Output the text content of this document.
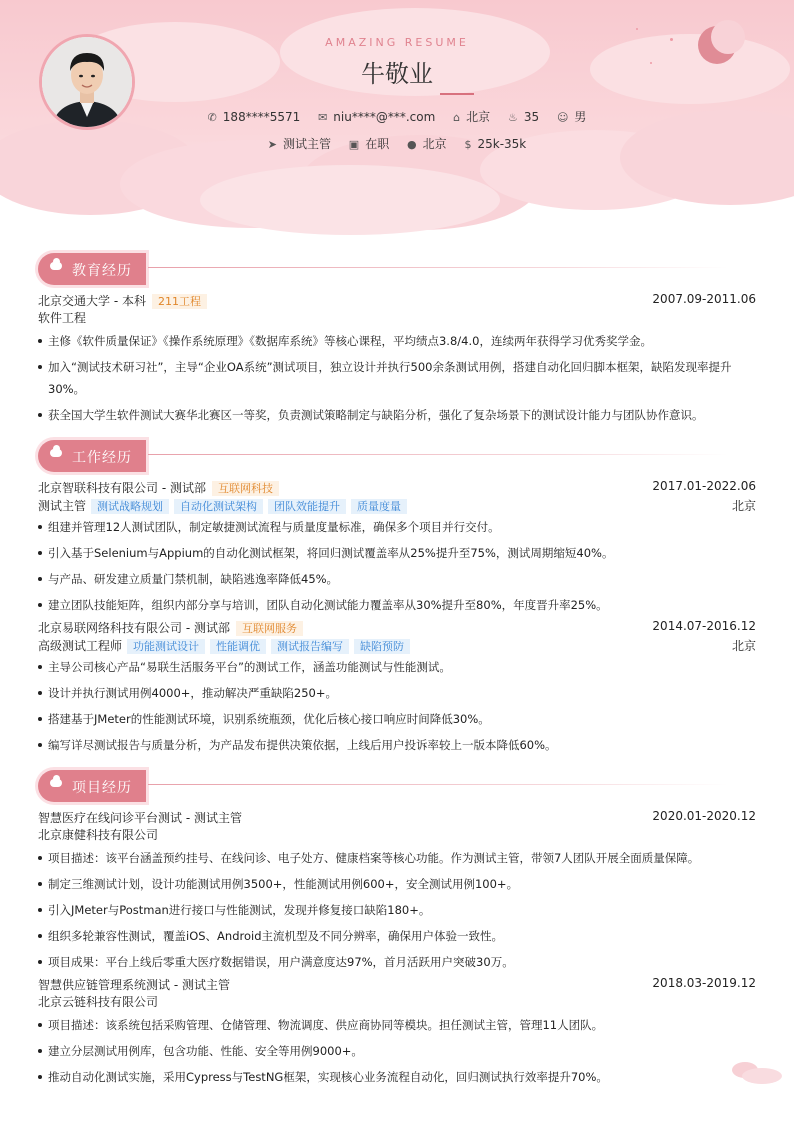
AMAZING RESUME
牛敬业
✆ 188****5571 ✉ niu****@***.com ⌂ 北京 ♨ 35 ☺ 男
➤ 测试主管 ▣ 在职 ● 北京 $ 25k-35k
教育经历
北京交通大学 - 本科 211工程	2007.09-2011.06
软件工程
主修《软件质量保证》《操作系统原理》《数据库系统》等核心课程，平均绩点3.8/4.0，连续两年获得学习优秀奖学金。
加入“测试技术研习社”，主导“企业OA系统”测试项目，独立设计并执行500余条测试用例，搭建自动化回归脚本框架，缺陷发现率提升30%。
获全国大学生软件测试大赛华北赛区一等奖，负责测试策略制定与缺陷分析，强化了复杂场景下的测试设计能力与团队协作意识。
工作经历
北京智联科技有限公司 - 测试部 互联网科技	2017.01-2022.06
测试主管 测试战略规划 自动化测试架构 团队效能提升 质量度量	北京
组建并管理12人测试团队，制定敏捷测试流程与质量度量标准，确保多个项目并行交付。
引入基于Selenium与Appium的自动化测试框架，将回归测试覆盖率从25%提升至75%，测试周期缩短40%。
与产品、研发建立质量门禁机制，缺陷逃逸率降低45%。
建立团队技能矩阵，组织内部分享与培训，团队自动化测试能力覆盖率从30%提升至80%，年度晋升率25%。
北京易联网络科技有限公司 - 测试部 互联网服务	2014.07-2016.12
高级测试工程师 功能测试设计 性能调优 测试报告编写 缺陷预防	北京
主导公司核心产品“易联生活服务平台”的测试工作，涵盖功能测试与性能测试。
设计并执行测试用例4000+，推动解决严重缺陷250+。
搭建基于JMeter的性能测试环境，识别系统瓶颈，优化后核心接口响应时间降低30%。
编写详尽测试报告与质量分析，为产品发布提供决策依据，上线后用户投诉率较上一版本降低60%。
项目经历
智慧医疗在线问诊平台测试 - 测试主管	2020.01-2020.12
北京康健科技有限公司
项目描述：该平台涵盖预约挂号、在线问诊、电子处方、健康档案等核心功能。作为测试主管，带领7人团队开展全面质量保障。
制定三维测试计划，设计功能测试用例3500+，性能测试用例600+，安全测试用例100+。
引入JMeter与Postman进行接口与性能测试，发现并修复接口缺陷180+。
组织多轮兼容性测试，覆盖iOS、Android主流机型及不同分辨率，确保用户体验一致性。
项目成果：平台上线后零重大医疗数据错误，用户满意度达97%，首月活跃用户突破30万。
智慧供应链管理系统测试 - 测试主管	2018.03-2019.12
北京云链科技有限公司
项目描述：该系统包括采购管理、仓储管理、物流调度、供应商协同等模块。担任测试主管，管理11人团队。
建立分层测试用例库，包含功能、性能、安全等用例9000+。
推动自动化测试实施，采用Cypress与TestNG框架，实现核心业务流程自动化，回归测试执行效率提升70%。
